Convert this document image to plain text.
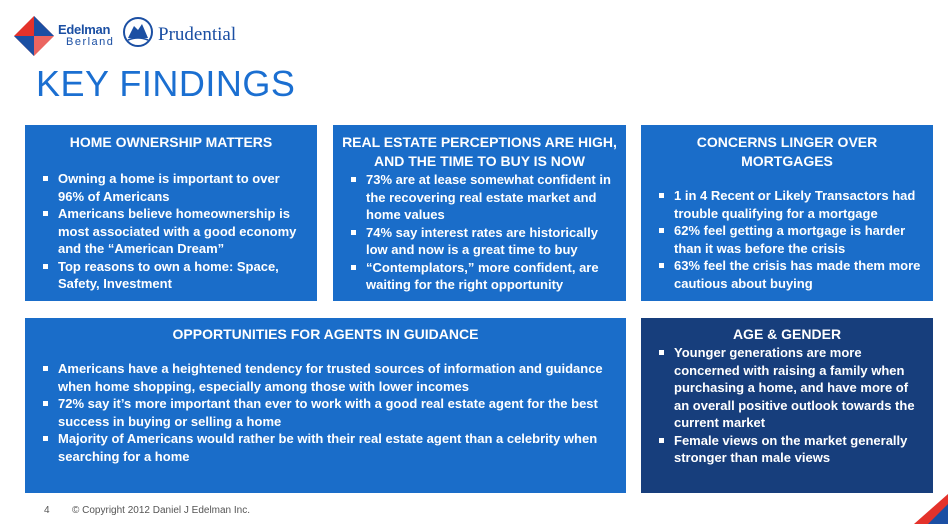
Edelman
Berland Prudential
KEY FINDINGS
HOME OWNERSHIP MATTERS
Owning a home is important to over 96% of Americans
Americans believe homeownership is most associated with a good economy and the “American Dream”
Top reasons to own a home: Space, Safety, Investment
REAL ESTATE PERCEPTIONS ARE HIGH, AND THE TIME TO BUY IS NOW
73% are at lease somewhat confident in the recovering real estate market and home values
74% say interest rates are historically low and now is a great time to buy
“Contemplators,” more confident, are waiting for the right opportunity
CONCERNS LINGER OVER MORTGAGES
1 in 4 Recent or Likely Transactors had trouble qualifying for a mortgage
62% feel getting a mortgage is harder than it was before the crisis
63% feel the crisis has made them more cautious about buying
OPPORTUNITIES FOR AGENTS IN GUIDANCE
Americans have a heightened tendency for trusted sources of information and guidance when home shopping, especially among those with lower incomes
72% say it’s more important than ever to work with a good real estate agent for the best success in buying or selling a home
Majority of Americans would rather be with their real estate agent than a celebrity when searching for a home
AGE & GENDER
Younger generations are more concerned with raising a family when purchasing a home, and have more of an overall positive outlook towards the current market
Female views on the market generally stronger than male views
4 © Copyright 2012 Daniel J Edelman Inc.
